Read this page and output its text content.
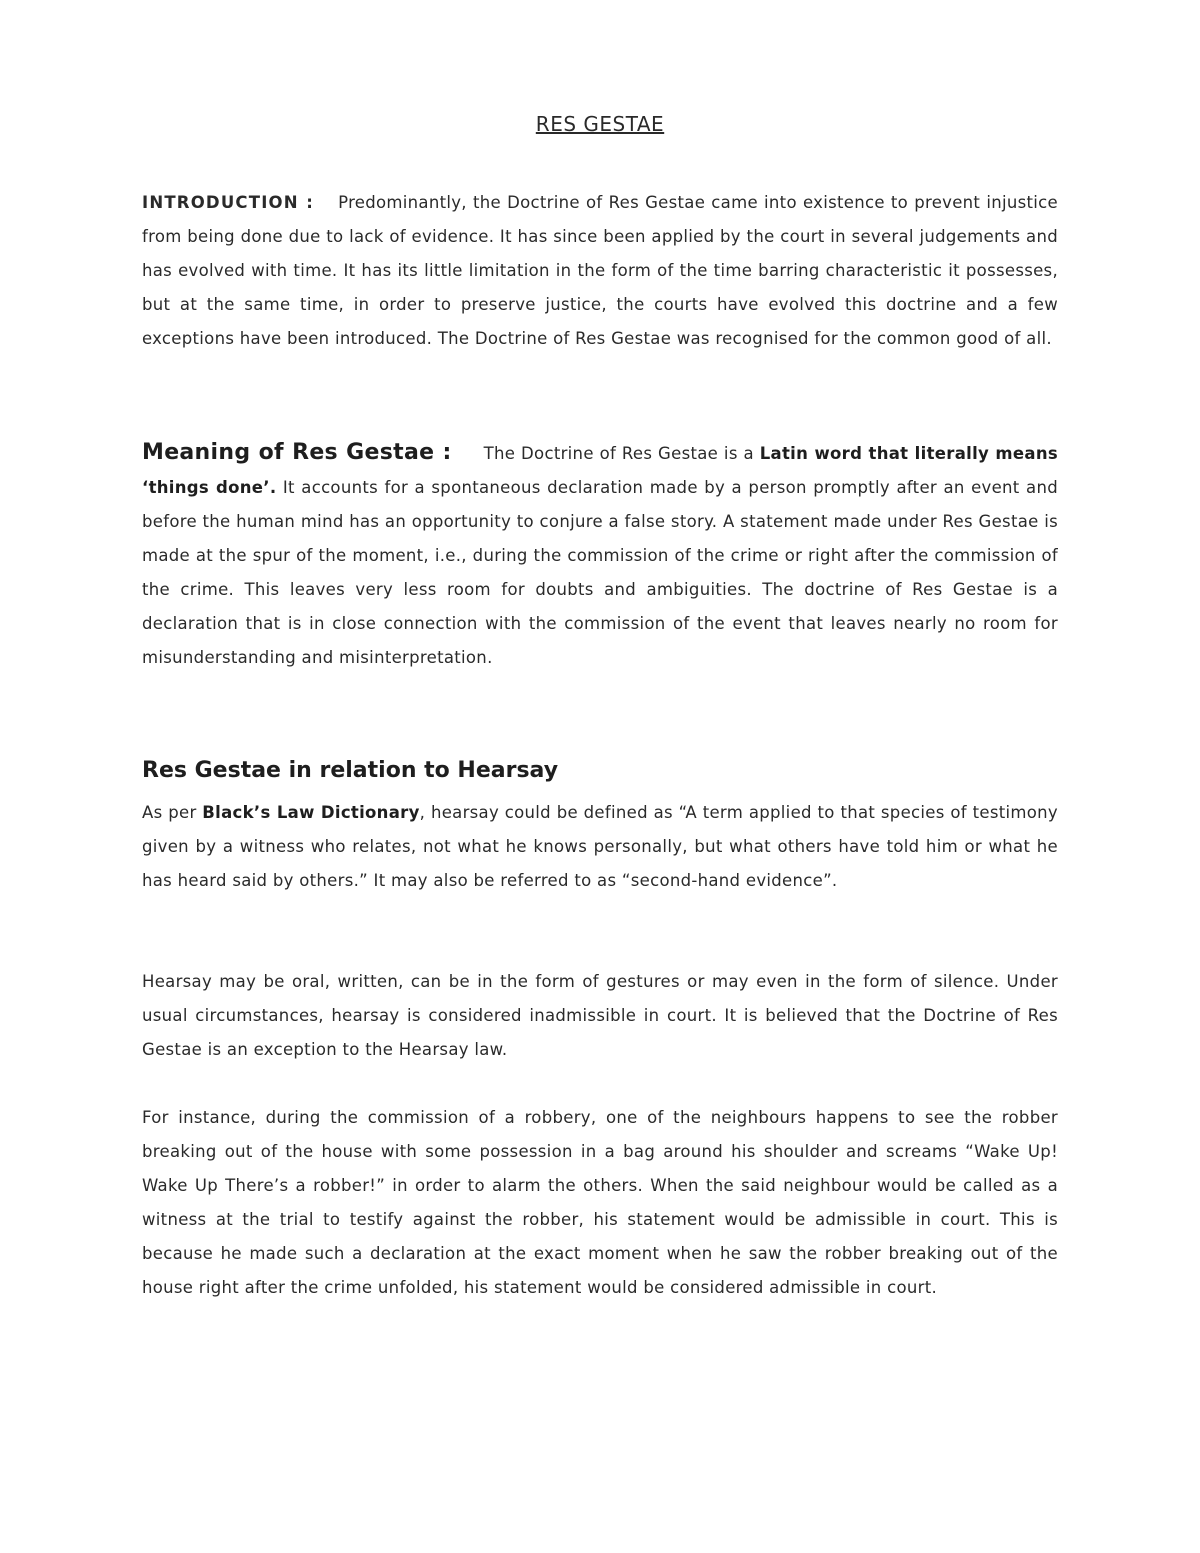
RES GESTAE
INTRODUCTION : Predominantly, the Doctrine of Res Gestae came into existence to prevent injustice from being done due to lack of evidence. It has since been applied by the court in several judgements and has evolved with time. It has its little limitation in the form of the time barring characteristic it possesses, but at the same time, in order to preserve justice, the courts have evolved this doctrine and a few exceptions have been introduced. The Doctrine of Res Gestae was recognised for the common good of all.
Meaning of Res Gestae : The Doctrine of Res Gestae is a Latin word that literally means ‘things done’. It accounts for a spontaneous declaration made by a person promptly after an event and before the human mind has an opportunity to conjure a false story. A statement made under Res Gestae is made at the spur of the moment, i.e., during the commission of the crime or right after the commission of the crime. This leaves very less room for doubts and ambiguities. The doctrine of Res Gestae is a declaration that is in close connection with the commission of the event that leaves nearly no room for misunderstanding and misinterpretation.
Res Gestae in relation to Hearsay
As per Black’s Law Dictionary, hearsay could be defined as “A term applied to that species of testimony given by a witness who relates, not what he knows personally, but what others have told him or what he has heard said by others.” It may also be referred to as “second-hand evidence”.
Hearsay may be oral, written, can be in the form of gestures or may even in the form of silence. Under usual circumstances, hearsay is considered inadmissible in court. It is believed that the Doctrine of Res Gestae is an exception to the Hearsay law.
For instance, during the commission of a robbery, one of the neighbours happens to see the robber breaking out of the house with some possession in a bag around his shoulder and screams “Wake Up! Wake Up There’s a robber!” in order to alarm the others. When the said neighbour would be called as a witness at the trial to testify against the robber, his statement would be admissible in court. This is because he made such a declaration at the exact moment when he saw the robber breaking out of the house right after the crime unfolded, his statement would be considered admissible in court.
